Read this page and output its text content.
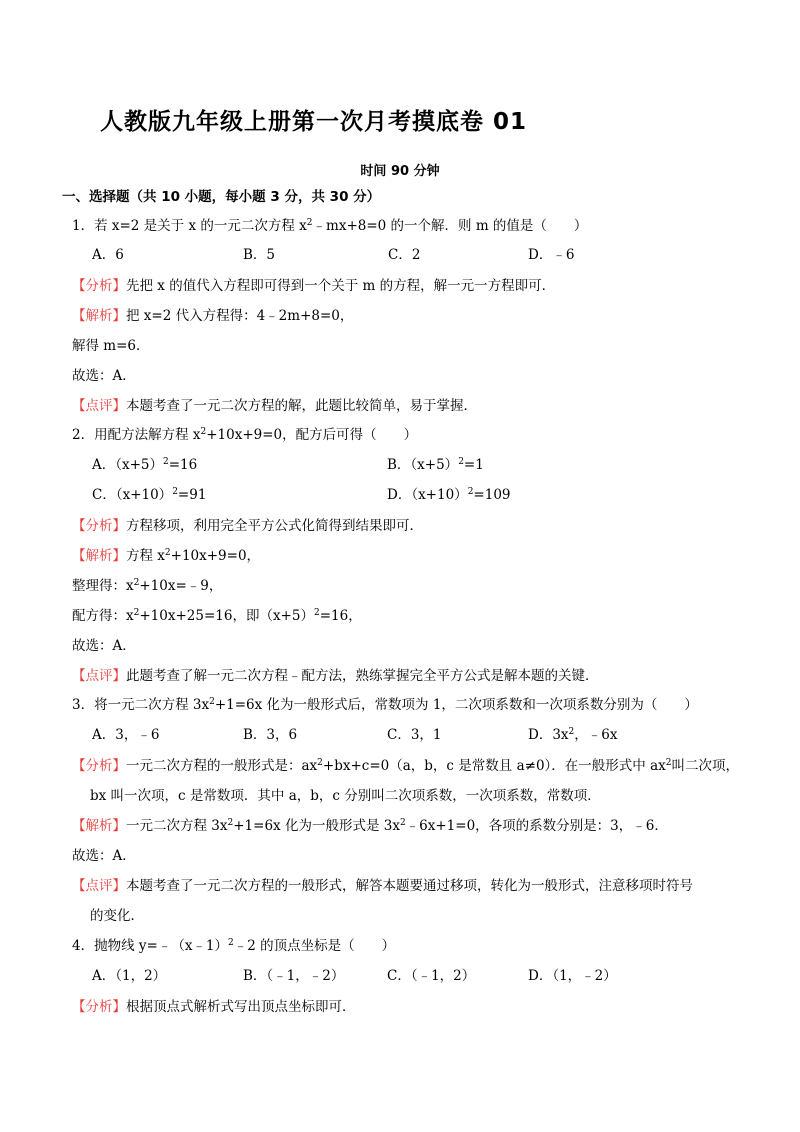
人教版九年级上册第一次月考摸底卷 01
时间 90 分钟
一、选择题（共 10 小题，每小题 3 分，共 30 分）
1．若 x=2 是关于 x 的一元二次方程 $x^2﹣mx+8=0$ 的一个解．则 m 的值是（　　）
A．6	B．5	C．2	D．﹣6
【分析】先把 x 的值代入方程即可得到一个关于 m 的方程，解一元一方程即可．
【解析】把 x=2 代入方程得：4﹣2m+8=0，
解得 m=6．
故选：A．
【点评】本题考查了一元二次方程的解，此题比较简单，易于掌握．
2．用配方法解方程 $x^2+10x+9=0$，配方后可得（　　）
A．$(x+5)^2=16$	B．$(x+5)^2=1$
C．$(x+10)^2=91$	D．$(x+10)^2=109$
【分析】方程移项，利用完全平方公式化简得到结果即可．
【解析】方程 $x^2+10x+9=0$，
整理得：$x^2+10x=﹣9$，
配方得：$x^2+10x+25=16$，即$(x+5)^2=16$，
故选：A．
【点评】此题考查了解一元二次方程﹣配方法，熟练掌握完全平方公式是解本题的关键．
3．将一元二次方程 $3x^2+1=6x$ 化为一般形式后，常数项为 1，二次项系数和一次项系数分别为（　　）
A．3，﹣6	B．3，6	C．3，1	D．$3x^2$，﹣6x
【分析】一元二次方程的一般形式是：$ax^2+bx+c=0(a$，b，c 是常数且 a≠0）．在一般形式中 $ax^2$叫二次项，
bx 叫一次项，c 是常数项．其中 a，b，c 分别叫二次项系数，一次项系数，常数项．
【解析】一元二次方程 $3x^2+1=6x$ 化为一般形式是 $3x^2﹣6x+1=0$，各项的系数分别是：3，﹣6．
故选：A．
【点评】本题考查了一元二次方程的一般形式，解答本题要通过移项，转化为一般形式，注意移项时符号
的变化．
4．抛物线 y=﹣（x﹣1）$^2$﹣2 的顶点坐标是（　　）
A．（1，2）	B．（﹣1，﹣2）	C．（﹣1，2）	D．（1，﹣2）
【分析】根据顶点式解析式写出顶点坐标即可．
